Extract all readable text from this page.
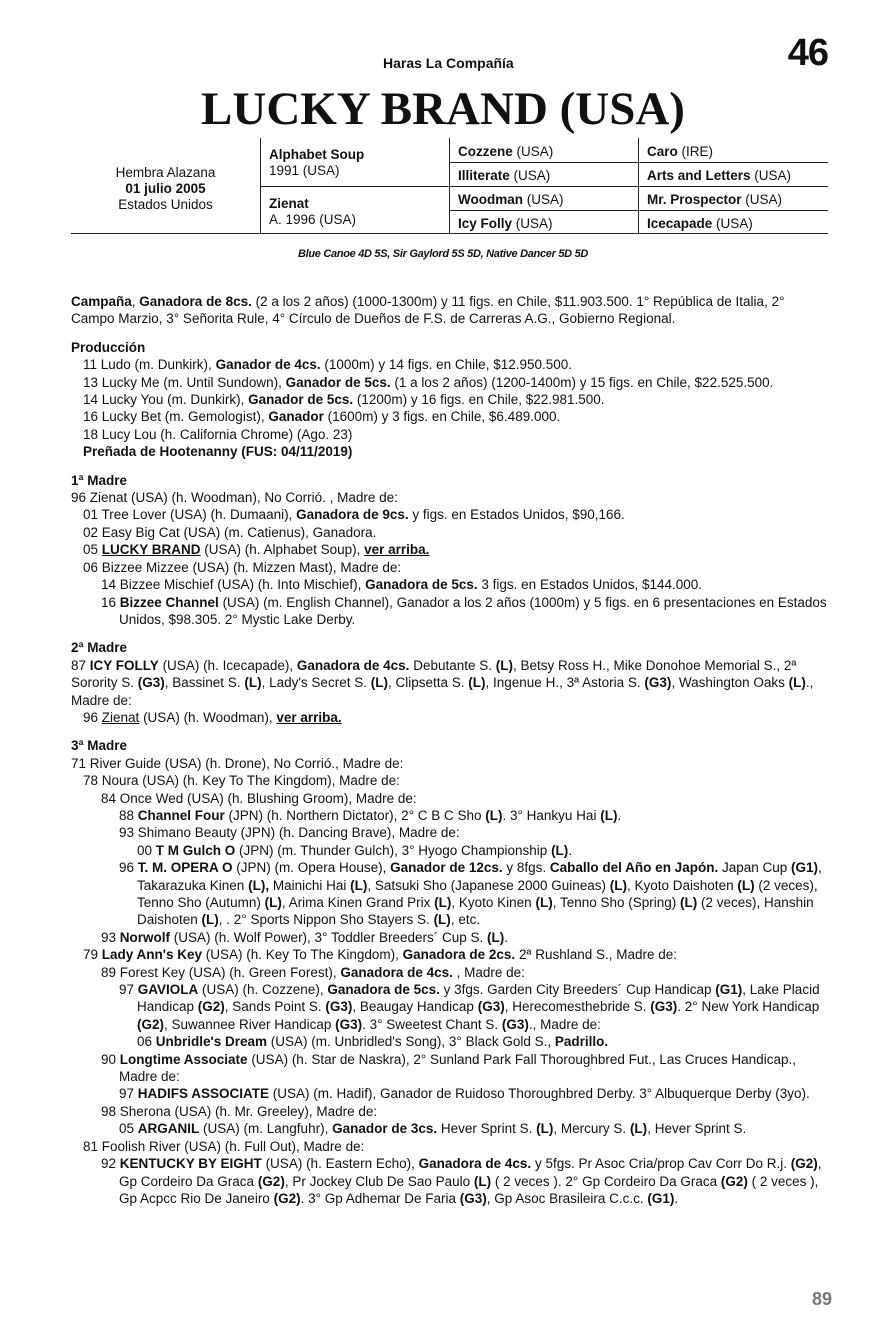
Haras La Compañía	46
LUCKY BRAND (USA)
Hembra Alazana
01 julio 2005
Estados Unidos
Alphabet Soup
1991 (USA)
Zienat
A. 1996 (USA)
Cozzene (USA)
Illiterate (USA)
Woodman (USA)
Icy Folly (USA)
Caro (IRE)
Arts and Letters (USA)
Mr. Prospector (USA)
Icecapade (USA)
Blue Canoe 4D 5S, Sir Gaylord 5S 5D, Native Dancer 5D 5D
Campaña, Ganadora de 8cs. (2 a los 2 años) (1000-1300m) y 11 figs. en Chile, $11.903.500. 1° República de Italia, 2° Campo Marzio, 3° Señorita Rule, 4° Círculo de Dueños de F.S. de Carreras A.G., Gobierno Regional.
Producción
11 Ludo (m. Dunkirk), Ganador de 4cs. (1000m) y 14 figs. en Chile, $12.950.500.
13 Lucky Me (m. Until Sundown), Ganador de 5cs. (1 a los 2 años) (1200-1400m) y 15 figs. en Chile, $22.525.500.
14 Lucky You (m. Dunkirk), Ganador de 5cs. (1200m) y 16 figs. en Chile, $22.981.500.
16 Lucky Bet (m. Gemologist), Ganador (1600m) y 3 figs. en Chile, $6.489.000.
18 Lucy Lou (h. California Chrome) (Ago. 23)
Preñada de Hootenanny (FUS: 04/11/2019)
1ª Madre
96 Zienat (USA) (h. Woodman), No Corrió. , Madre de:
01 Tree Lover (USA) (h. Dumaani), Ganadora de 9cs. y figs. en Estados Unidos, $90,166.
02 Easy Big Cat (USA) (m. Catienus), Ganadora.
05 LUCKY BRAND (USA) (h. Alphabet Soup), ver arriba.
06 Bizzee Mizzee (USA) (h. Mizzen Mast), Madre de:
14 Bizzee Mischief (USA) (h. Into Mischief), Ganadora de 5cs. 3 figs. en Estados Unidos, $144.000.
16 Bizzee Channel (USA) (m. English Channel), Ganador a los 2 años (1000m) y 5 figs. en 6 presentaciones en Estados Unidos, $98.305. 2° Mystic Lake Derby.
2ª Madre
87 ICY FOLLY (USA) (h. Icecapade), Ganadora de 4cs. Debutante S. (L), Betsy Ross H., Mike Donohoe Memorial S., 2ª Sorority S. (G3), Bassinet S. (L), Lady's Secret S. (L), Clipsetta S. (L), Ingenue H., 3ª Astoria S. (G3), Washington Oaks (L)., Madre de:
96 Zienat (USA) (h. Woodman), ver arriba.
3ª Madre
71 River Guide (USA) (h. Drone), No Corrió., Madre de:
78 Noura (USA) (h. Key To The Kingdom), Madre de:
84 Once Wed (USA) (h. Blushing Groom), Madre de:
88 Channel Four (JPN) (h. Northern Dictator), 2° C B C Sho (L). 3° Hankyu Hai (L).
93 Shimano Beauty (JPN) (h. Dancing Brave), Madre de:
00 T M Gulch O (JPN) (m. Thunder Gulch), 3° Hyogo Championship (L).
96 T. M. OPERA O (JPN) (m. Opera House), Ganador de 12cs. y 8fgs. Caballo del Año en Japón. Japan Cup (G1), Takarazuka Kinen (L), Mainichi Hai (L), Satsuki Sho (Japanese 2000 Guineas) (L), Kyoto Daishoten (L) (2 veces), Tenno Sho (Autumn) (L), Arima Kinen Grand Prix (L), Kyoto Kinen (L), Tenno Sho (Spring) (L) (2 veces), Hanshin Daishoten (L), . 2° Sports Nippon Sho Stayers S. (L), etc.
93 Norwolf (USA) (h. Wolf Power), 3° Toddler Breeders´ Cup S. (L).
79 Lady Ann's Key (USA) (h. Key To The Kingdom), Ganadora de 2cs. 2ª Rushland S., Madre de:
89 Forest Key (USA) (h. Green Forest), Ganadora de 4cs. , Madre de:
97 GAVIOLA (USA) (h. Cozzene), Ganadora de 5cs. y 3fgs. Garden City Breeders´ Cup Handicap (G1), Lake Placid Handicap (G2), Sands Point S. (G3), Beaugay Handicap (G3), Herecomesthebride S. (G3). 2° New York Handicap (G2), Suwannee River Handicap (G3). 3° Sweetest Chant S. (G3)., Madre de:
06 Unbridle's Dream (USA) (m. Unbridled's Song), 3° Black Gold S., Padrillo.
90 Longtime Associate (USA) (h. Star de Naskra), 2° Sunland Park Fall Thoroughbred Fut., Las Cruces Handicap., Madre de:
97 HADIFS ASSOCIATE (USA) (m. Hadif), Ganador de Ruidoso Thoroughbred Derby. 3° Albuquerque Derby (3yo).
98 Sherona (USA) (h. Mr. Greeley), Madre de:
05 ARGANIL (USA) (m. Langfuhr), Ganador de 3cs. Hever Sprint S. (L), Mercury S. (L), Hever Sprint S.
81 Foolish River (USA) (h. Full Out), Madre de:
92 KENTUCKY BY EIGHT (USA) (h. Eastern Echo), Ganadora de 4cs. y 5fgs. Pr Asoc Cria/prop Cav Corr Do R.j. (G2), Gp Cordeiro Da Graca (G2), Pr Jockey Club De Sao Paulo (L) ( 2 veces ). 2° Gp Cordeiro Da Graca (G2) ( 2 veces ), Gp Acpcc Rio De Janeiro (G2). 3° Gp Adhemar De Faria (G3), Gp Asoc Brasileira C.c.c. (G1).
89
